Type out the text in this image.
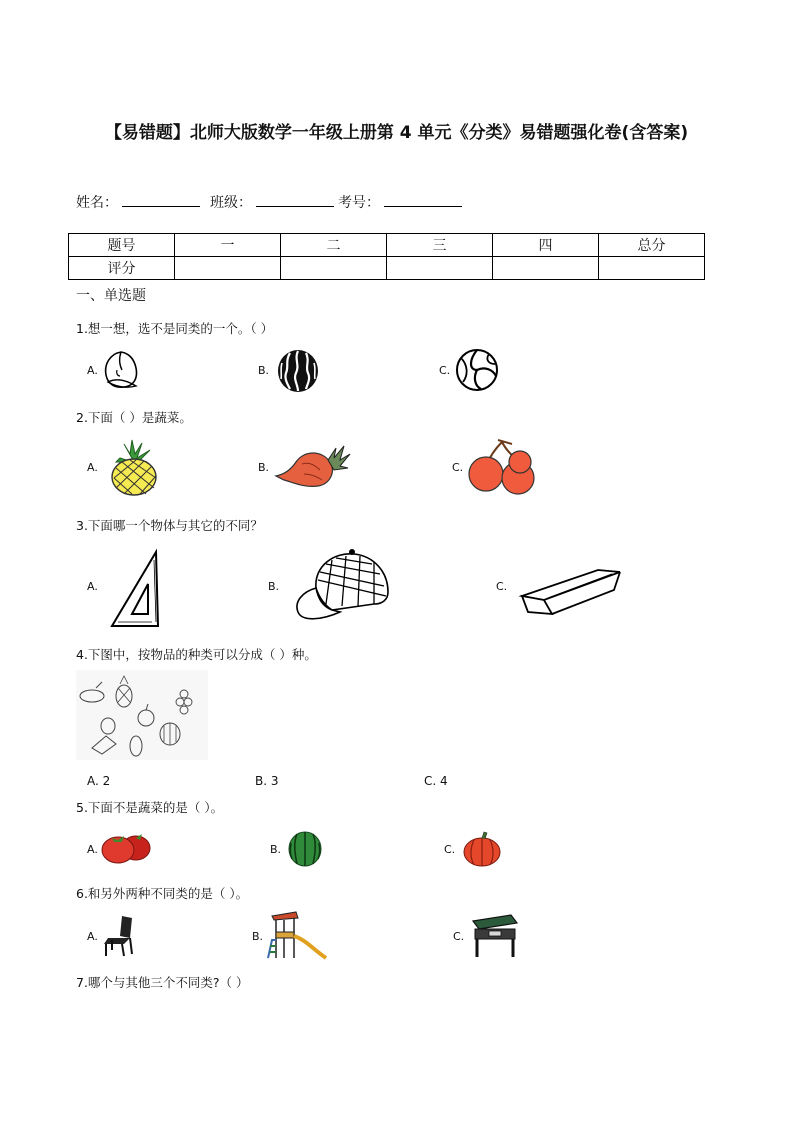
【易错题】北师大版数学一年级上册第 4 单元《分类》易错题强化卷(含答案)
姓名：	班级：	考号：
题号	一	二	三	四	总分
评分					
一、单选题
1.想一想，选不是同类的一个。（ ）
A.	B.	C.
2.下面（ ）是蔬菜。
A.	B.	C.
3.下面哪一个物体与其它的不同？
A.	B.	C.
4.下图中，按物品的种类可以分成（ ）种。
A. 2	B. 3	C. 4
5.下面不是蔬菜的是（ ）。
A.	B.	C.
6.和另外两种不同类的是（ ）。
A.	B.	C.
7.哪个与其他三个不同类?（ ）
